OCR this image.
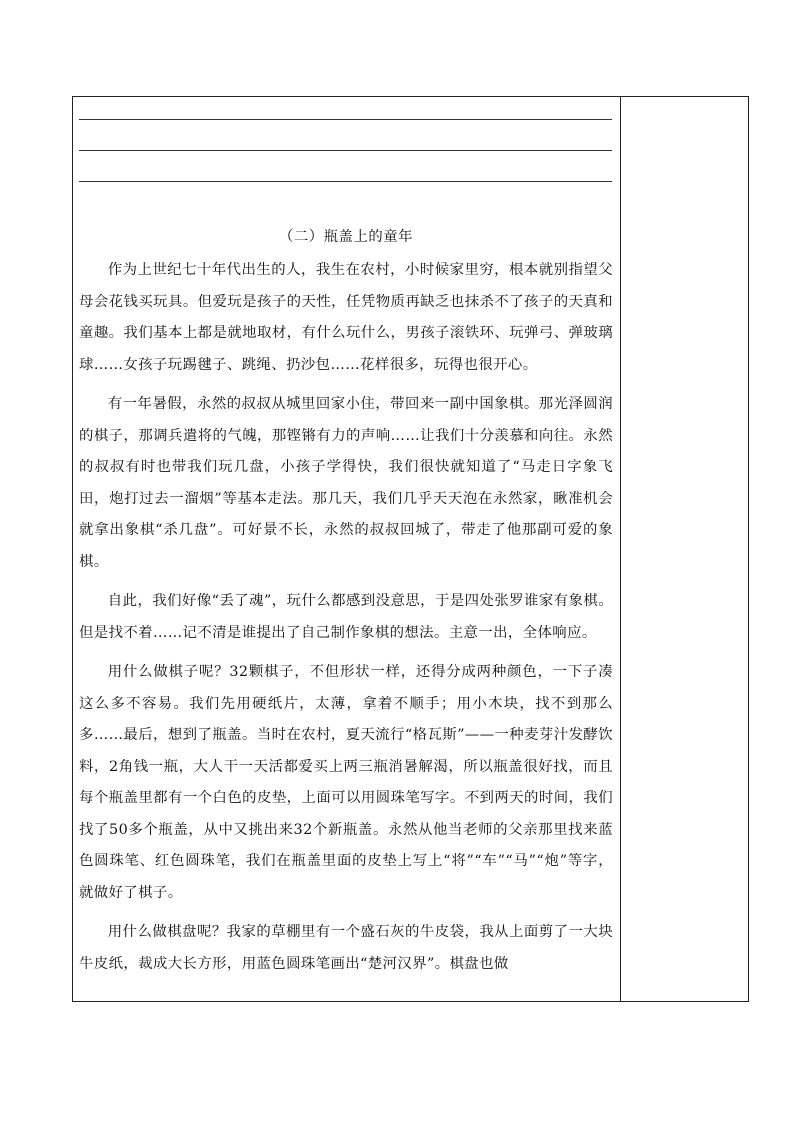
（二）瓶盖上的童年

作为上世纪七十年代出生的人，我生在农村，小时候家里穷，根本就别指望父母会花钱买玩具。但爱玩是孩子的天性，任凭物质再缺乏也抹杀不了孩子的天真和童趣。我们基本上都是就地取材，有什么玩什么，男孩子滚铁环、玩弹弓、弹玻璃球……女孩子玩踢毽子、跳绳、扔沙包……花样很多，玩得也很开心。

有一年暑假，永然的叔叔从城里回家小住，带回来一副中国象棋。那光泽圆润的棋子，那调兵遣将的气魄，那铿锵有力的声响……让我们十分羡慕和向往。永然的叔叔有时也带我们玩几盘，小孩子学得快，我们很快就知道了“马走日字象飞田，炮打过去一溜烟”等基本走法。那几天，我们几乎天天泡在永然家，瞅准机会就拿出象棋“杀几盘”。可好景不长，永然的叔叔回城了，带走了他那副可爱的象棋。

自此，我们好像“丢了魂”，玩什么都感到没意思，于是四处张罗谁家有象棋。但是找不着……记不清是谁提出了自己制作象棋的想法。主意一出，全体响应。

用什么做棋子呢？32颗棋子，不但形状一样，还得分成两种颜色，一下子凑这么多不容易。我们先用硬纸片，太薄，拿着不顺手；用小木块，找不到那么多……最后，想到了瓶盖。当时在农村，夏天流行“格瓦斯”——一种麦芽汁发酵饮料，2角钱一瓶，大人干一天活都爱买上两三瓶消暑解渴，所以瓶盖很好找，而且每个瓶盖里都有一个白色的皮垫，上面可以用圆珠笔写字。不到两天的时间，我们找了50多个瓶盖，从中又挑出来32个新瓶盖。永然从他当老师的父亲那里找来蓝色圆珠笔、红色圆珠笔，我们在瓶盖里面的皮垫上写上“将”“车”“马”“炮”等字，就做好了棋子。

用什么做棋盘呢？我家的草棚里有一个盛石灰的牛皮袋，我从上面剪了一大块牛皮纸，裁成大长方形，用蓝色圆珠笔画出“楚河汉界”。棋盘也做
